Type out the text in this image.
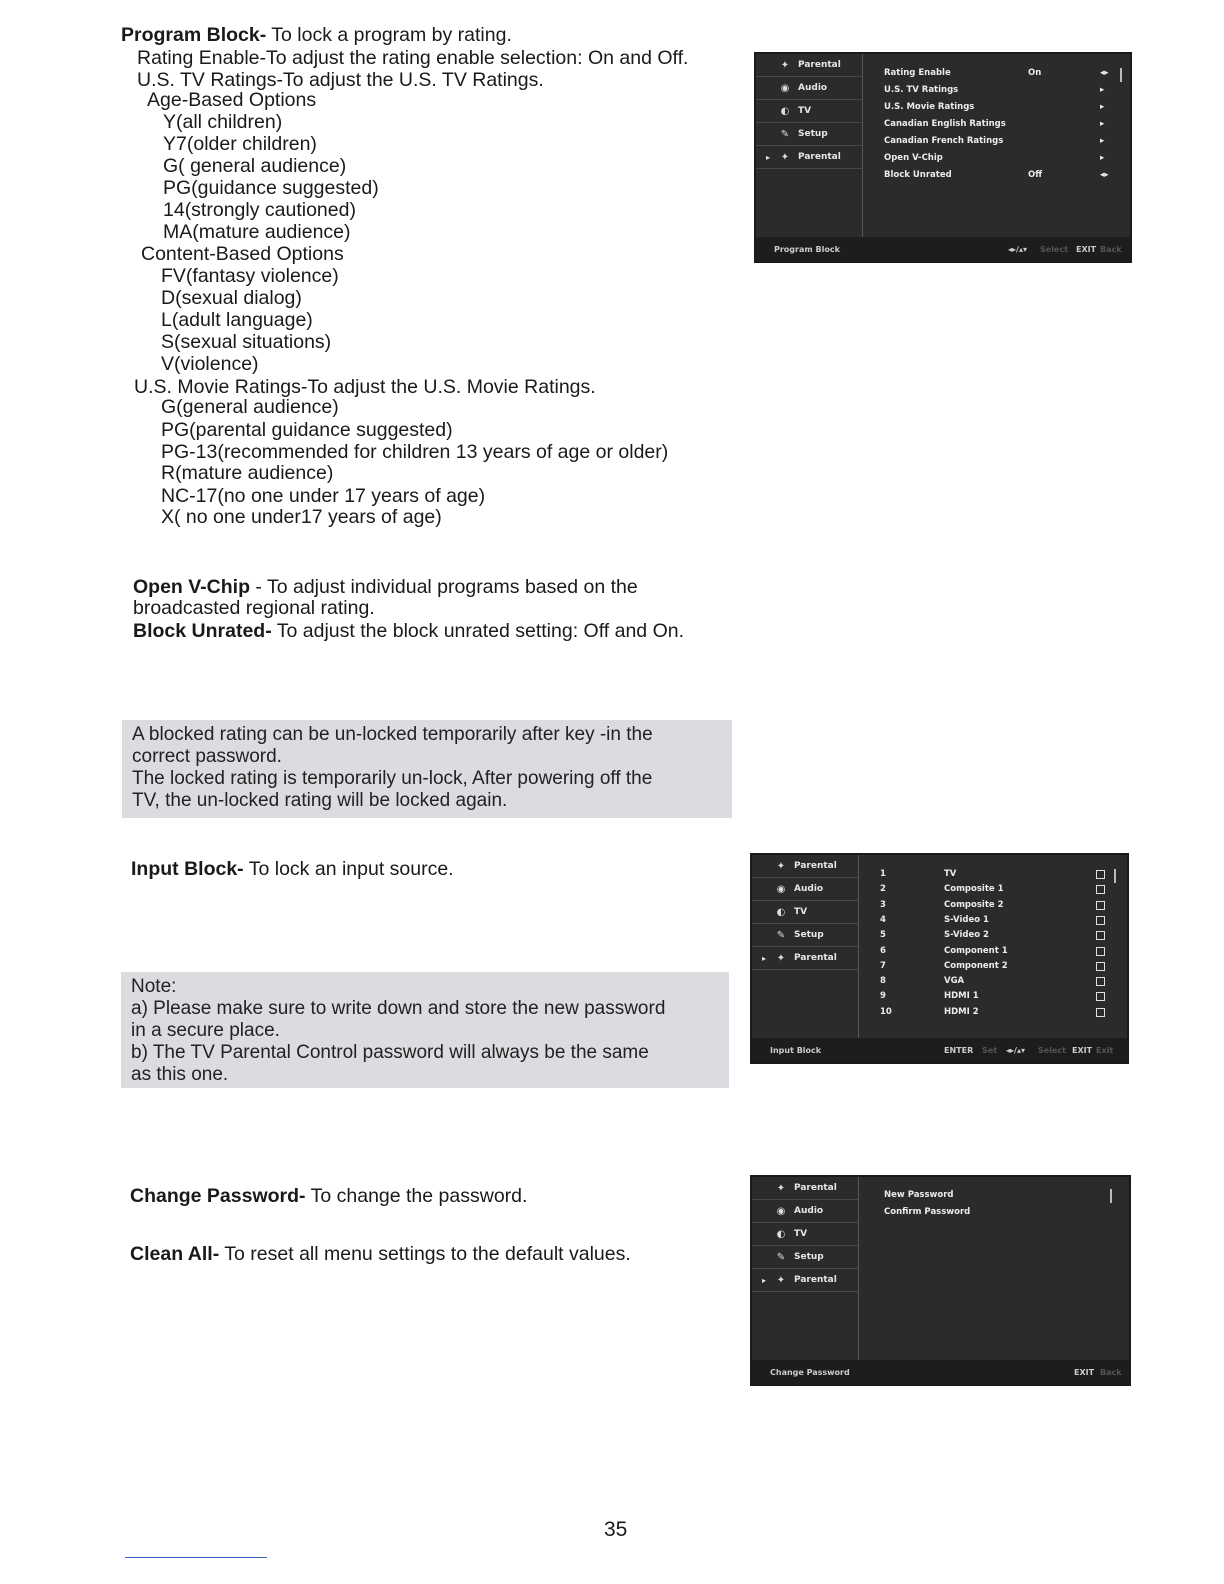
Program Block- To lock a program by rating.
Rating Enable-To adjust the rating enable selection: On and Off.
U.S. TV Ratings-To adjust the U.S. TV Ratings.
Age-Based Options
Y(all children)
Y7(older children)
G( general audience)
PG(guidance suggested)
14(strongly cautioned)
MA(mature audience)
Content-Based Options
FV(fantasy violence)
D(sexual dialog)
L(adult language)
S(sexual situations)
V(violence)
U.S. Movie Ratings-To adjust the U.S. Movie Ratings.
G(general audience)
PG(parental guidance suggested)
PG-13(recommended for children 13 years of age or older)
R(mature audience)
NC-17(no one under 17 years of age)
X( no one under17 years of age)
Open V-Chip - To adjust individual programs based on the
broadcasted regional rating.
Block Unrated- To adjust the block unrated setting: Off and On.
A blocked rating can be un-locked temporarily after key -in the
correct password.
The locked rating is temporarily un-lock, After powering off the
TV, the un-locked rating will be locked again.
Input Block- To lock an input source.
Note:
a) Please make sure to write down and store the new password
in a secure place.
b) The TV Parental Control password will always be the same
as this one.
Change Password- To change the password.
Clean All- To reset all menu settings to the default values.
✦ Parental
◉ Audio
◐ TV
✎ Setup
▸ ✦ Parental
Program Block	◂▸/▴▾ Select EXIT Back
Rating Enable	On	◂▸
U.S. TV Ratings	▸
U.S. Movie Ratings	▸
Canadian English Ratings	▸
Canadian French Ratings	▸
Open V-Chip	▸
Block Unrated	Off	◂▸
✦ Parental
◉ Audio
◐ TV
✎ Setup
▸ ✦ Parental
Input Block	ENTER Set ◂▸/▴▾ Select EXIT Exit
1	TV
2	Composite 1
3	Composite 2
4	S-Video 1
5	S-Video 2
6	Component 1
7	Component 2
8	VGA
9	HDMI 1
10	HDMI 2
✦ Parental
◉ Audio
◐ TV
✎ Setup
▸ ✦ Parental
New Password
Confirm Password
Change Password	EXIT Back
35
